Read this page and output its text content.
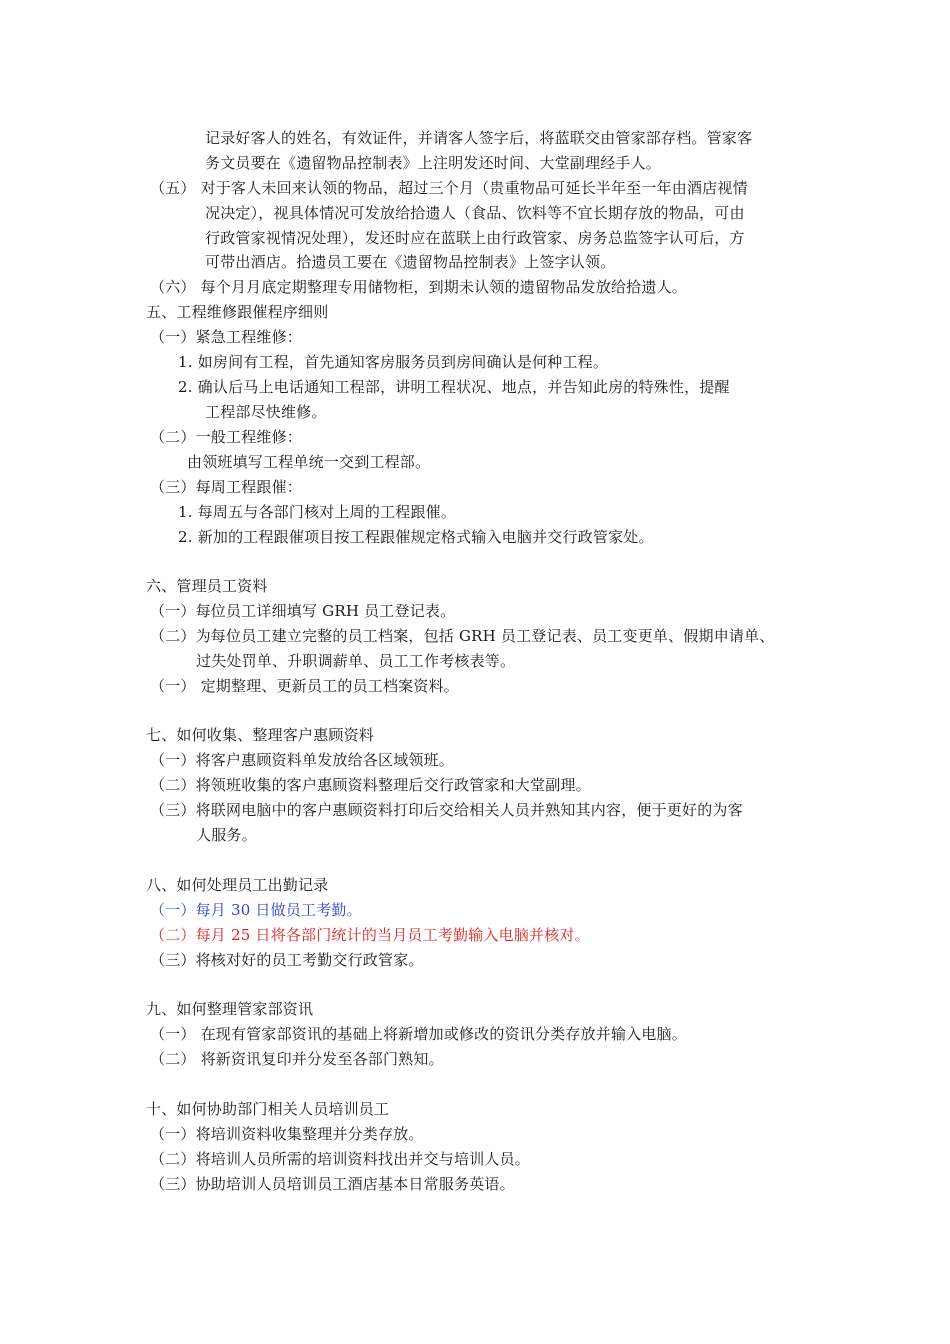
记录好客人的姓名，有效证件，并请客人签字后，将蓝联交由管家部存档。管家客
务文员要在《遗留物品控制表》上注明发还时间、大堂副理经手人。
（五） 对于客人未回来认领的物品，超过三个月（贵重物品可延长半年至一年由酒店视情
况决定），视具体情况可发放给拾遗人（食品、饮料等不宜长期存放的物品，可由
行政管家视情况处理），发还时应在蓝联上由行政管家、房务总监签字认可后，方
可带出酒店。拾遗员工要在《遗留物品控制表》上签字认领。
（六） 每个月月底定期整理专用储物柜，到期未认领的遗留物品发放给拾遗人。
五、工程维修跟催程序细则
（一）紧急工程维修：
1. 如房间有工程，首先通知客房服务员到房间确认是何种工程。
2. 确认后马上电话通知工程部，讲明工程状况、地点，并告知此房的特殊性，提醒
工程部尽快维修。
（二）一般工程维修：
由领班填写工程单统一交到工程部。
（三）每周工程跟催：
1. 每周五与各部门核对上周的工程跟催。
2. 新加的工程跟催项目按工程跟催规定格式输入电脑并交行政管家处。
六、管理员工资料
（一）每位员工详细填写 GRH 员工登记表。
（二）为每位员工建立完整的员工档案，包括 GRH 员工登记表、员工变更单、假期申请单、
过失处罚单、升职调薪单、员工工作考核表等。
（一） 定期整理、更新员工的员工档案资料。
七、如何收集、整理客户惠顾资料
（一）将客户惠顾资料单发放给各区域领班。
（二）将领班收集的客户惠顾资料整理后交行政管家和大堂副理。
（三）将联网电脑中的客户惠顾资料打印后交给相关人员并熟知其内容，便于更好的为客
人服务。
八、如何处理员工出勤记录
（一）每月 30 日做员工考勤。
（二）每月 25 日将各部门统计的当月员工考勤输入电脑并核对。
（三）将核对好的员工考勤交行政管家。
九、如何整理管家部资讯
（一） 在现有管家部资讯的基础上将新增加或修改的资讯分类存放并输入电脑。
（二） 将新资讯复印并分发至各部门熟知。
十、如何协助部门相关人员培训员工
（一）将培训资料收集整理并分类存放。
（二）将培训人员所需的培训资料找出并交与培训人员。
（三）协助培训人员培训员工酒店基本日常服务英语。
